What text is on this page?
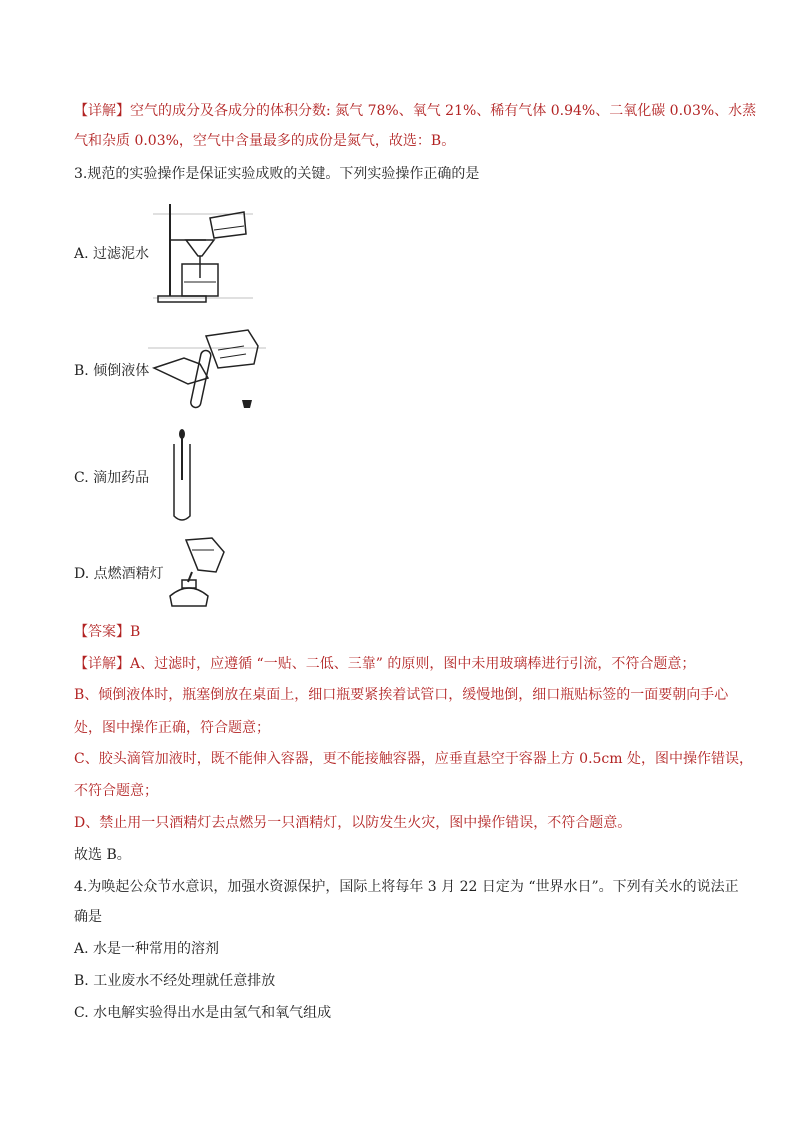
【详解】空气的成分及各成分的体积分数: 氮气 78%、氧气 21%、稀有气体 0.94%、二氧化碳 0.03%、水蒸
气和杂质 0.03%，空气中含量最多的成份是氮气，故选：B。
3.规范的实验操作是保证实验成败的关键。下列实验操作正确的是
A. 过滤泥水
B. 倾倒液体
C. 滴加药品
D. 点燃酒精灯
【答案】B
【详解】A、过滤时，应遵循 “一贴、二低、三靠” 的原则，图中未用玻璃棒进行引流，不符合题意；
B、倾倒液体时，瓶塞倒放在桌面上，细口瓶要紧挨着试管口，缓慢地倒，细口瓶贴标签的一面要朝向手心
处，图中操作正确，符合题意；
C、胶头滴管加液时，既不能伸入容器，更不能接触容器，应垂直悬空于容器上方 0.5cm 处，图中操作错误，
不符合题意；
D、禁止用一只酒精灯去点燃另一只酒精灯，以防发生火灾，图中操作错误，不符合题意。
故选 B。
4.为唤起公众节水意识，加强水资源保护，国际上将每年 3 月 22 日定为 “世界水日”。下列有关水的说法正
确是
A. 水是一种常用的溶剂
B. 工业废水不经处理就任意排放
C. 水电解实验得出水是由氢气和氧气组成
